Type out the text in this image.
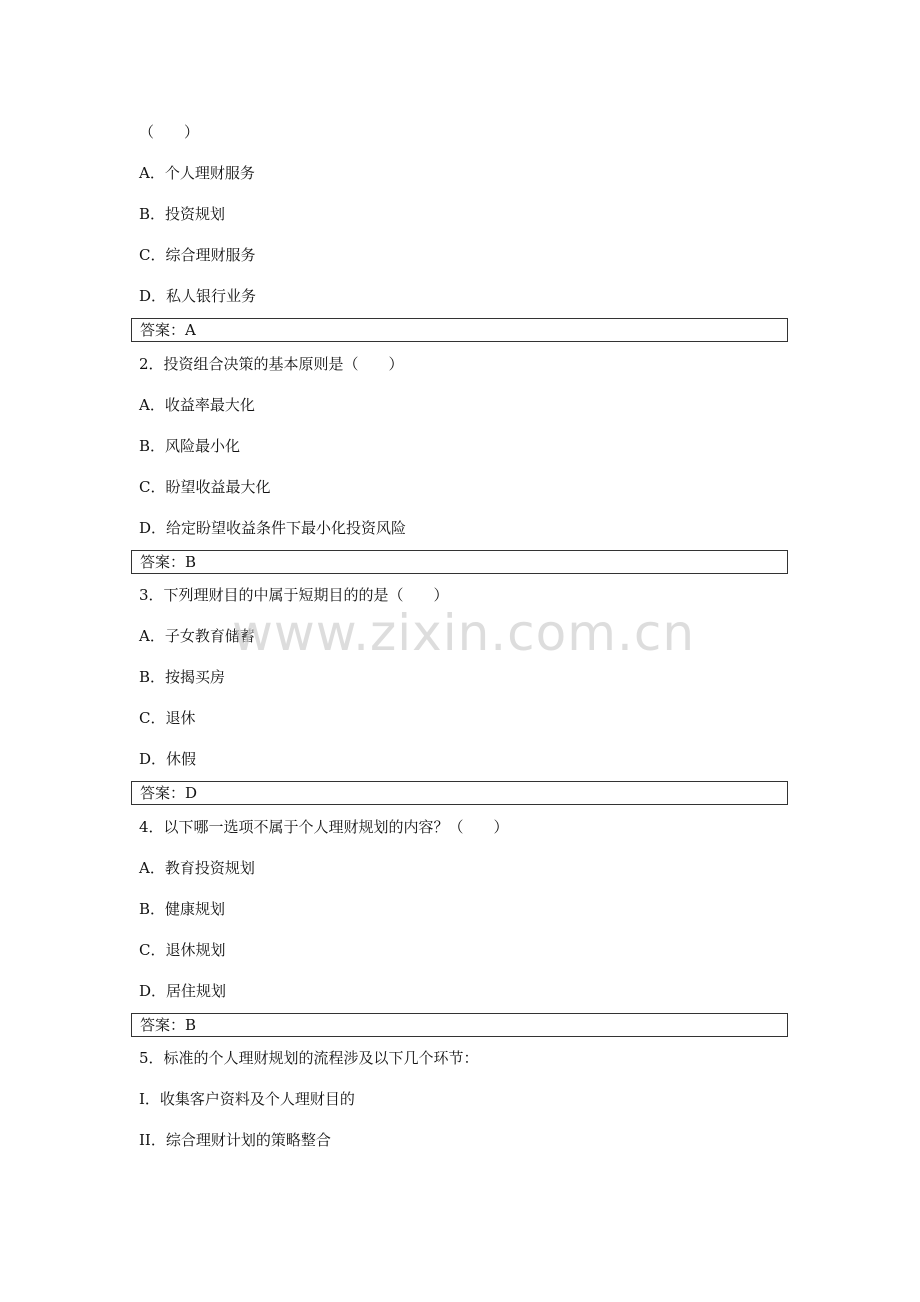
（　　）
A．个人理财服务
B．投资规划
C．综合理财服务
D．私人银行业务
答案：A
2．投资组合决策的基本原则是（　　）
A．收益率最大化
B．风险最小化
C．盼望收益最大化
D．给定盼望收益条件下最小化投资风险
答案：B
3．下列理财目的中属于短期目的的是（　　）
A．子女教育储蓄
B．按揭买房
C．退休
D．休假
答案：D
4．以下哪一选项不属于个人理财规划的内容？（　　）
A．教育投资规划
B．健康规划
C．退休规划
D．居住规划
答案：B
5．标准的个人理财规划的流程涉及以下几个环节：
I．收集客户资料及个人理财目的
II．综合理财计划的策略整合
www.zixin.com.cn
